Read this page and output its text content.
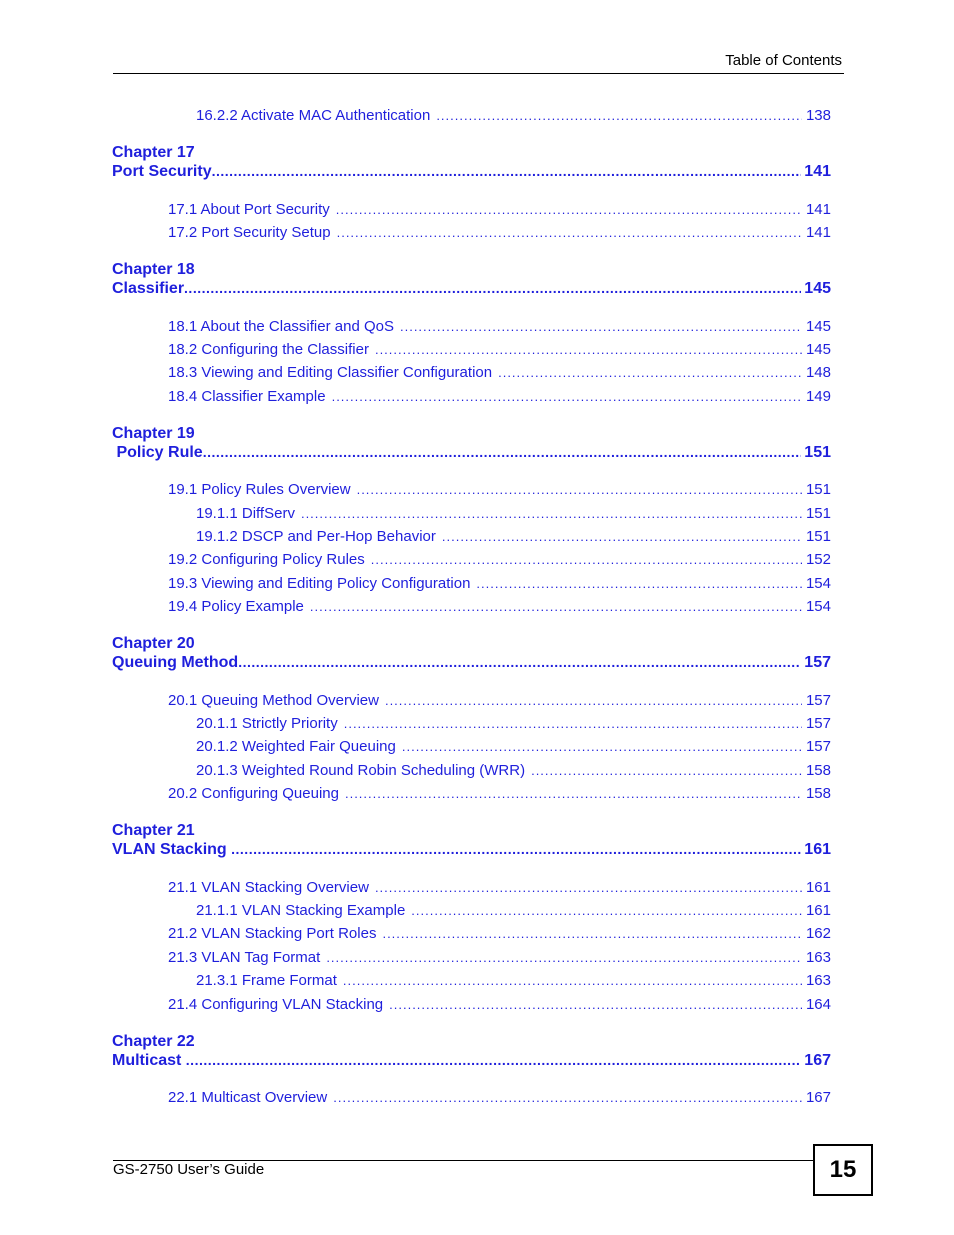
Table of Contents
16.2.2 Activate MAC Authentication .....	138
Chapter 17
Port Security .....	141
17.1 About Port Security .....	141
17.2 Port Security Setup .....	141
Chapter 18
Classifier .....	145
18.1 About the Classifier and QoS .....	145
18.2 Configuring the Classifier .....	145
18.3 Viewing and Editing Classifier Configuration .....	148
18.4 Classifier Example .....	149
Chapter 19
Policy Rule .....	151
19.1 Policy Rules Overview .....	151
19.1.1 DiffServ .....	151
19.1.2 DSCP and Per-Hop Behavior .....	151
19.2 Configuring Policy Rules .....	152
19.3 Viewing and Editing Policy Configuration .....	154
19.4 Policy Example .....	154
Chapter 20
Queuing Method .....	157
20.1 Queuing Method Overview .....	157
20.1.1 Strictly Priority .....	157
20.1.2 Weighted Fair Queuing .....	157
20.1.3 Weighted Round Robin Scheduling (WRR) .....	158
20.2 Configuring Queuing .....	158
Chapter 21
VLAN Stacking .....	161
21.1 VLAN Stacking Overview .....	161
21.1.1 VLAN Stacking Example .....	161
21.2 VLAN Stacking Port Roles .....	162
21.3 VLAN Tag Format .....	163
21.3.1 Frame Format .....	163
21.4 Configuring VLAN Stacking .....	164
Chapter 22
Multicast .....	167
22.1 Multicast Overview .....	167
GS-2750 User’s Guide	15
